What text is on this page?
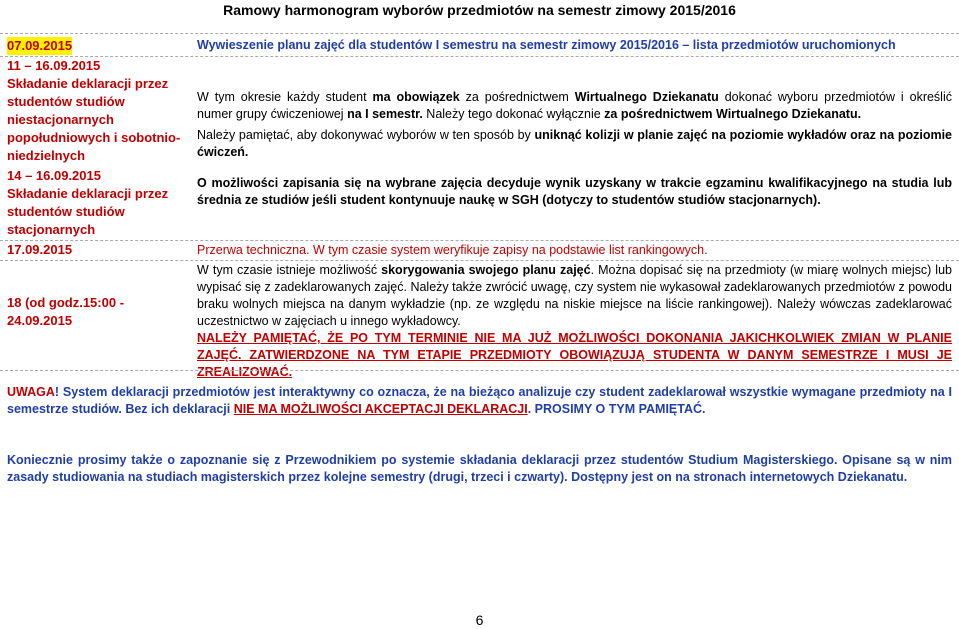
Ramowy harmonogram wyborów przedmiotów na semestr zimowy 2015/2016
07.09.2015	Wywieszenie planu zajęć dla studentów I semestru na semestr zimowy 2015/2016 – lista przedmiotów uruchomionych
11 – 16.09.2015
Składanie deklaracji przez studentów studiów niestacjonarnych popołudniowych i sobotnio-niedzielnych
14 – 16.09.2015
Składanie deklaracji przez studentów studiów stacjonarnych

W tym okresie każdy student ma obowiązek za pośrednictwem Wirtualnego Dziekanatu dokonać wyboru przedmiotów i określić numer grupy ćwiczeniowej na I semestr. Należy tego dokonać wyłącznie za pośrednictwem Wirtualnego Dziekanatu.

Należy pamiętać, aby dokonywać wyborów w ten sposób by uniknąć kolizji w planie zajęć na poziomie wykładów oraz na poziomie ćwiczeń.

O możliwości zapisania się na wybrane zajęcia decyduje wynik uzyskany w trakcie egzaminu kwalifikacyjnego na studia lub średnia ze studiów jeśli student kontynuuje naukę w SGH (dotyczy to studentów studiów stacjonarnych).

17.09.2015	Przerwa techniczna. W tym czasie system weryfikuje zapisy na podstawie list rankingowych.
18 (od godz.15:00 - 24.09.2015

W tym czasie istnieje możliwość skorygowania swojego planu zajęć. Można dopisać się na przedmioty (w miarę wolnych miejsc) lub wypisać się z zadeklarowanych zajęć. Należy także zwrócić uwagę, czy system nie wykasował zadeklarowanych przedmiotów z powodu braku wolnych miejsca na danym wykładzie (np. ze względu na niskie miejsce na liście rankingowej). Należy wówczas zadeklarować uczestnictwo w zajęciach u innego wykładowcy.

NALEŻY PAMIĘTAĆ, ŻE PO TYM TERMINIE NIE MA JUŻ MOŻLIWOŚCI DOKONANIA JAKICHKOLWIEK ZMIAN W PLANIE ZAJĘĆ. ZATWIERDZONE NA TYM ETAPIE PRZEDMIOTY OBOWIĄZUJĄ STUDENTA W DANYM SEMESTRZE I MUSI JE ZREALIZOWAĆ.

UWAGA! System deklaracji przedmiotów jest interaktywny co oznacza, że na bieżąco analizuje czy student zadeklarował wszystkie wymagane przedmioty na I semestrze studiów. Bez ich deklaracji NIE MA MOŻLIWOŚCI AKCEPTACJI DEKLARACJI. PROSIMY O TYM PAMIĘTAĆ.
Koniecznie prosimy także o zapoznanie się z Przewodnikiem po systemie składania deklaracji przez studentów Studium Magisterskiego. Opisane są w nim zasady studiowania na studiach magisterskich przez kolejne semestry (drugi, trzeci i czwarty). Dostępny jest on na stronach internetowych Dziekanatu.
6
